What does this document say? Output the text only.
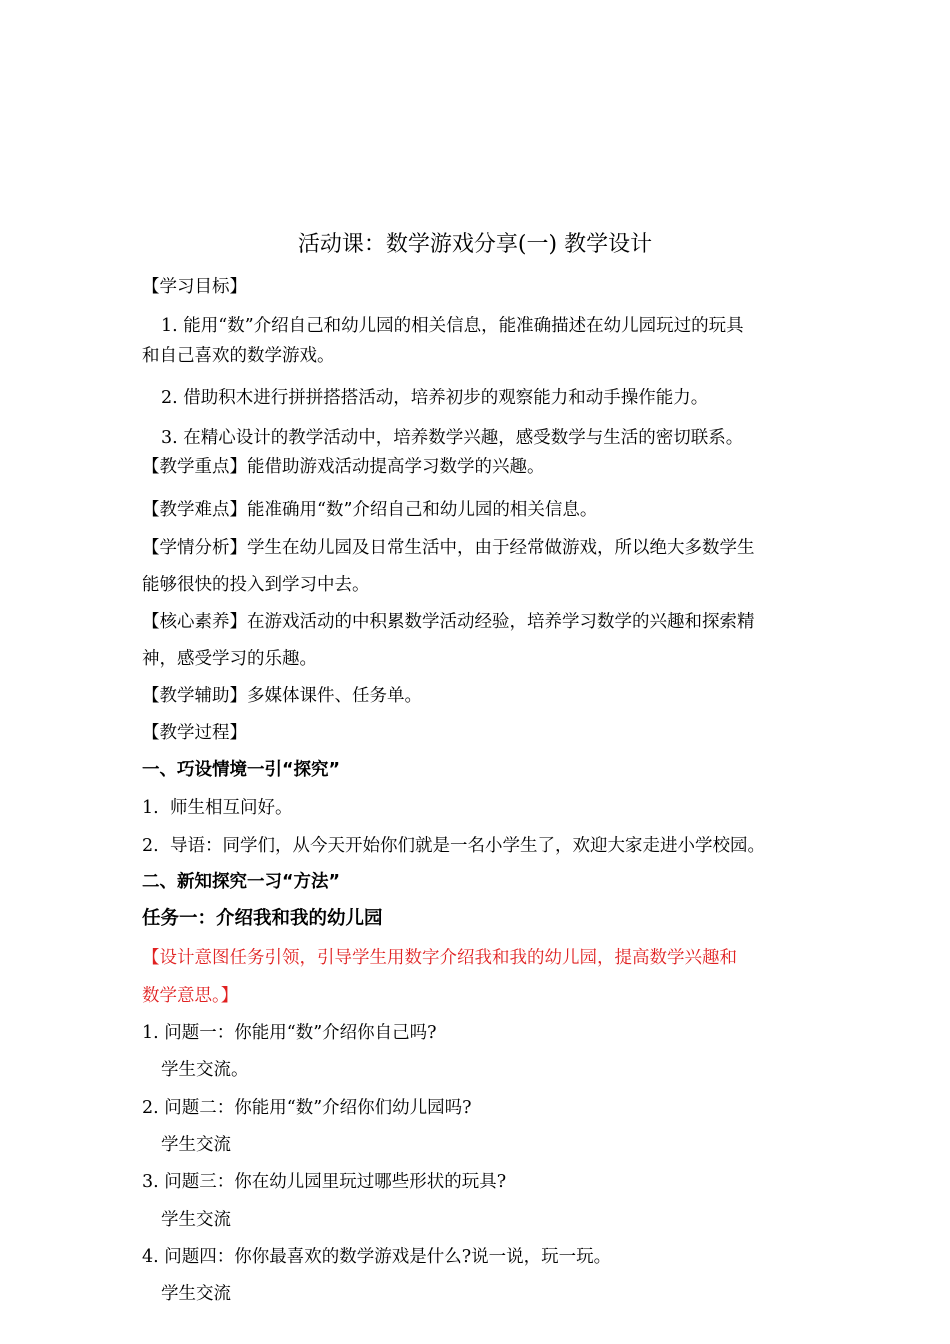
活动课：数学游戏分享(一) 教学设计
【学习目标】
1. 能用“数”介绍自己和幼儿园的相关信息，能准确描述在幼儿园玩过的玩具
和自己喜欢的数学游戏。
2. 借助积木进行拼拼搭搭活动，培养初步的观察能力和动手操作能力。
3. 在精心设计的教学活动中，培养数学兴趣，感受数学与生活的密切联系。
【教学重点】能借助游戏活动提高学习数学的兴趣。
【教学难点】能准确用“数”介绍自己和幼儿园的相关信息。
【学情分析】学生在幼儿园及日常生活中，由于经常做游戏，所以绝大多数学生
能够很快的投入到学习中去。
【核心素养】在游戏活动的中积累数学活动经验，培养学习数学的兴趣和探索精
神，感受学习的乐趣。
【教学辅助】多媒体课件、任务单。
【教学过程】
一、巧设情境一引“探究”
1. 师生相互问好。
2. 导语：同学们，从今天开始你们就是一名小学生了，欢迎大家走进小学校园。
二、新知探究一习“方法”
任务一：介绍我和我的幼儿园
【设计意图任务引领，引导学生用数字介绍我和我的幼儿园，提高数学兴趣和
数学意思。】
1. 问题一：你能用“数”介绍你自己吗?
学生交流。
2. 问题二：你能用“数”介绍你们幼儿园吗?
学生交流
3. 问题三：你在幼儿园里玩过哪些形状的玩具?
学生交流
4. 问题四：你你最喜欢的数学游戏是什么?说一说，玩一玩。
学生交流
